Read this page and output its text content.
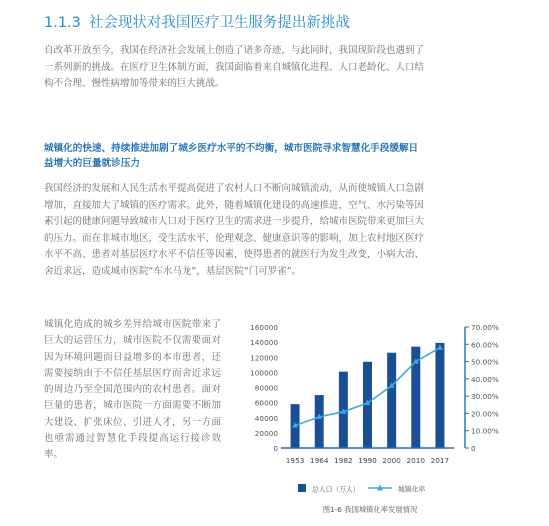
1.1.3 社会现状对我国医疗卫生服务提出新挑战

自改革开放至今，我国在经济社会发展上创造了诸多奇迹，与此同时，我国现阶段也遇到了一系列新的挑战。在医疗卫生体制方面，我国面临着来自城镇化进程、人口老龄化、人口结构不合理、慢性病增加等带来的巨大挑战。

城镇化的快速、持续推进加剧了城乡医疗水平的不均衡，城市医院寻求智慧化手段缓解日益增大的巨量就诊压力

我国经济的发展和人民生活水平提高促进了农村人口不断向城镇流动，从而使城镇人口急剧增加，直接加大了城镇的医疗需求。此外，随着城镇化建设的高速推进，空气、水污染等因素引起的健康问题导致城市人口对于医疗卫生的需求进一步提升，给城市医院带来更加巨大的压力。而在非城市地区，受生活水平、伦理观念、健康意识等的影响，加上农村地区医疗水平不高、患者对基层医疗水平不信任等因素，使得患者的就医行为发生改变，小病大治、舍近求远，造成城市医院“车水马龙”，基层医院“门可罗雀”。

城镇化造成的城乡差异给城市医院带来了巨大的运营压力，城市医院不仅需要面对因为环境问题而日益增多的本市患者，还需要接纳由于不信任基层医疗而舍近求远的周边乃至全国范围内的农村患者。面对巨量的患者，城市医院一方面需要不断加大建设、扩张床位、引进人才，另一方面也亟需通过智慧化手段提高运行接诊效率。

0
20000
40000
60000
80000
100000
120000
140000
160000
0
10.00%
20.00%
30.00%
40.00%
50.00%
60.00%
70.00%
1953 1964 1982 1990 2000 2010 2017
总人口（万人）	城镇化率
图1-6 我国城镇化率发展情况
